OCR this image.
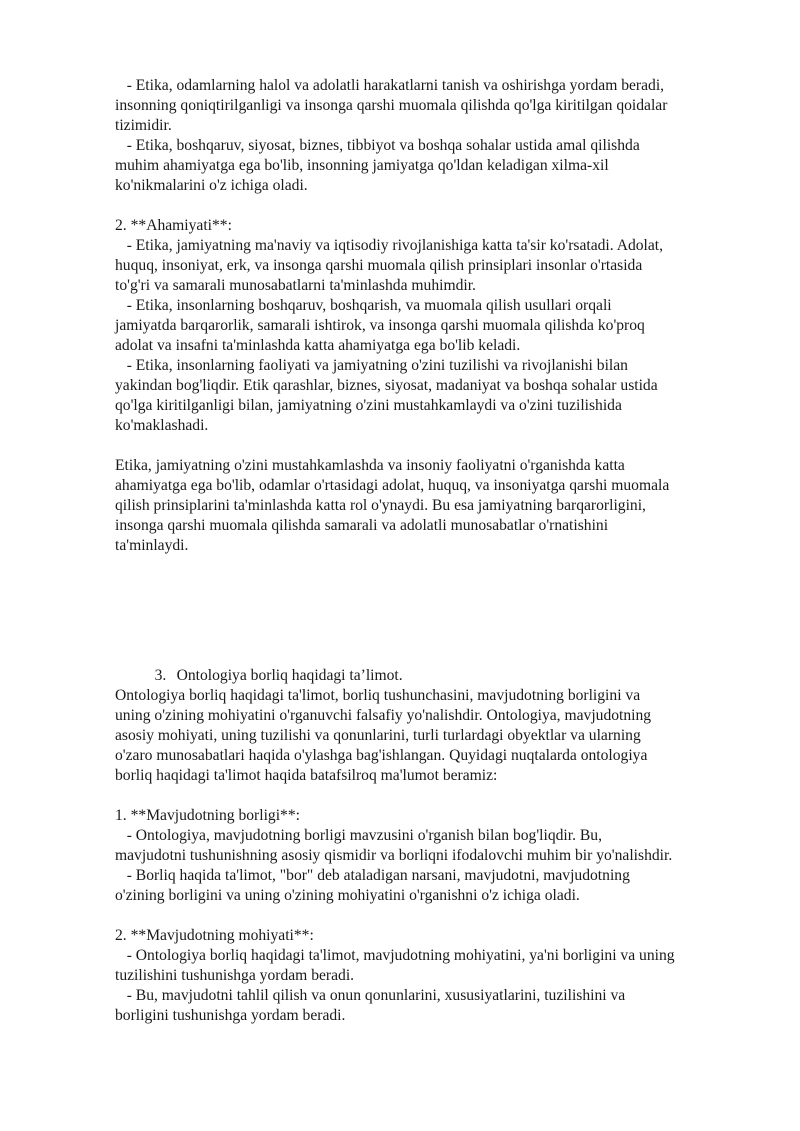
- Etika, odamlarning halol va adolatli harakatlarni tanish va oshirishga yordam beradi,
insonning qoniqtirilganligi va insonga qarshi muomala qilishda qo'lga kiritilgan qoidalar
tizimidir.
- Etika, boshqaruv, siyosat, biznes, tibbiyot va boshqa sohalar ustida amal qilishda
muhim ahamiyatga ega bo'lib, insonning jamiyatga qo'ldan keladigan xilma-xil
ko'nikmalarini o'z ichiga oladi.
2. **Ahamiyati**:
- Etika, jamiyatning ma'naviy va iqtisodiy rivojlanishiga katta ta'sir ko'rsatadi. Adolat,
huquq, insoniyat, erk, va insonga qarshi muomala qilish prinsiplari insonlar o'rtasida
to'g'ri va samarali munosabatlarni ta'minlashda muhimdir.
- Etika, insonlarning boshqaruv, boshqarish, va muomala qilish usullari orqali
jamiyatda barqarorlik, samarali ishtirok, va insonga qarshi muomala qilishda ko'proq
adolat va insafni ta'minlashda katta ahamiyatga ega bo'lib keladi.
- Etika, insonlarning faoliyati va jamiyatning o'zini tuzilishi va rivojlanishi bilan
yakindan bog'liqdir. Etik qarashlar, biznes, siyosat, madaniyat va boshqa sohalar ustida
qo'lga kiritilganligi bilan, jamiyatning o'zini mustahkamlaydi va o'zini tuzilishida
ko'maklashadi.
Etika, jamiyatning o'zini mustahkamlashda va insoniy faoliyatni o'rganishda katta
ahamiyatga ega bo'lib, odamlar o'rtasidagi adolat, huquq, va insoniyatga qarshi muomala
qilish prinsiplarini ta'minlashda katta rol o'ynaydi. Bu esa jamiyatning barqarorligini,
insonga qarshi muomala qilishda samarali va adolatli munosabatlar o'rnatishini
ta'minlaydi.

3. Ontologiya borliq haqidagi ta’limot.

Ontologiya borliq haqidagi ta'limot, borliq tushunchasini, mavjudotning borligini va
uning o'zining mohiyatini o'rganuvchi falsafiy yo'nalishdir. Ontologiya, mavjudotning
asosiy mohiyati, uning tuzilishi va qonunlarini, turli turlardagi obyektlar va ularning
o'zaro munosabatlari haqida o'ylashga bag'ishlangan. Quyidagi nuqtalarda ontologiya
borliq haqidagi ta'limot haqida batafsilroq ma'lumot beramiz:
1. **Mavjudotning borligi**:
- Ontologiya, mavjudotning borligi mavzusini o'rganish bilan bog'liqdir. Bu,
mavjudotni tushunishning asosiy qismidir va borliqni ifodalovchi muhim bir yo'nalishdir.
- Borliq haqida ta'limot, "bor" deb ataladigan narsani, mavjudotni, mavjudotning
o'zining borligini va uning o'zining mohiyatini o'rganishni o'z ichiga oladi.
2. **Mavjudotning mohiyati**:
- Ontologiya borliq haqidagi ta'limot, mavjudotning mohiyatini, ya'ni borligini va uning
tuzilishini tushunishga yordam beradi.
- Bu, mavjudotni tahlil qilish va onun qonunlarini, xususiyatlarini, tuzilishini va
borligini tushunishga yordam beradi.
